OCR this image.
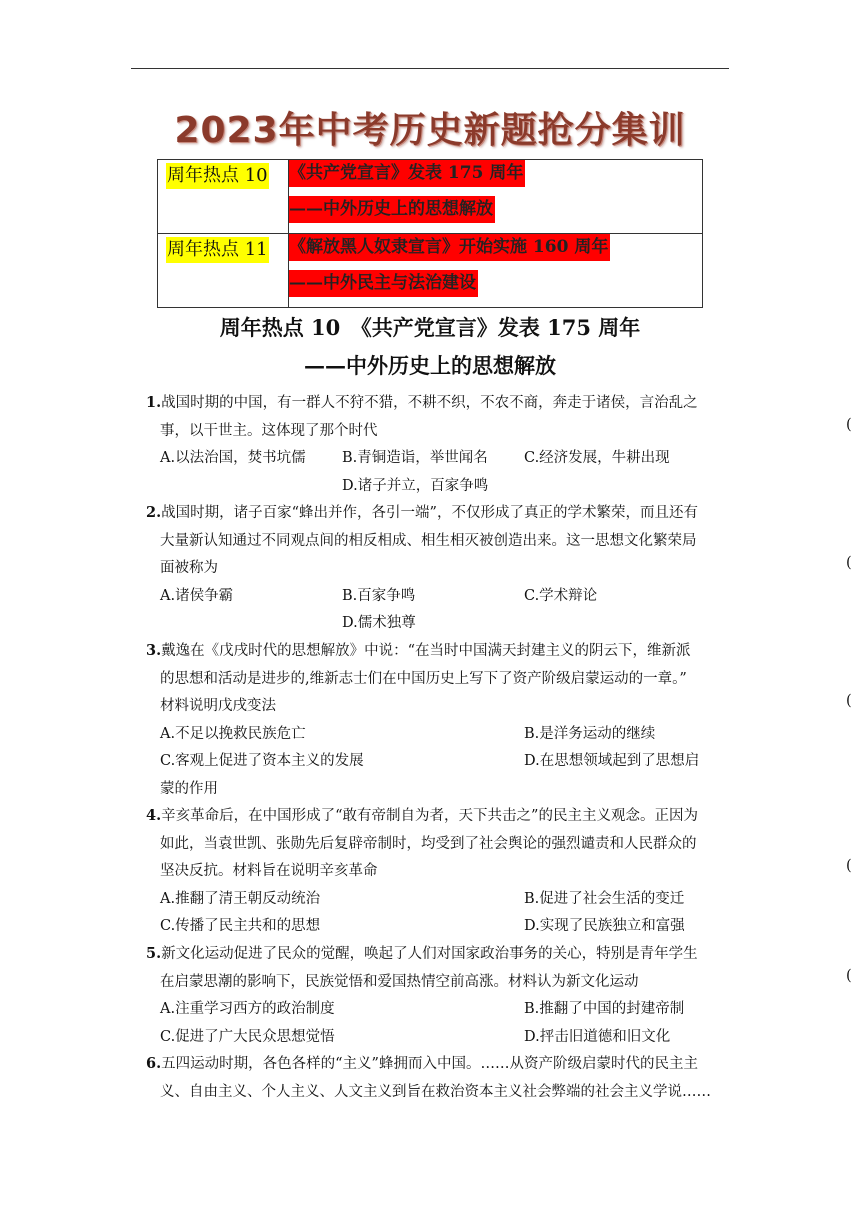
2023年中考历史新题抢分集训
周年热点 10	《共产党宣言》发表 175 周年
——中外历史上的思想解放

周年热点 11	《解放黑人奴隶宣言》开始实施 160 周年
——中外民主与法治建设
周年热点 10　《共产党宣言》发表 175 周年
——中外历史上的思想解放
1.战国时期的中国，有一群人不狩不猎，不耕不织，不农不商，奔走于诸侯，言治乱之
事，以干世主。这体现了那个时代
A.以法治国，焚书坑儒	B.青铜造诣，举世闻名 C.经济发展，牛耕出现
D.诸子并立，百家争鸣
(
2.战国时期，诸子百家“蜂出并作，各引一端”，不仅形成了真正的学术繁荣，而且还有
大量新认知通过不同观点间的相反相成、相生相灭被创造出来。这一思想文化繁荣局
面被称为
A.诸侯争霸	B.百家争鸣	C.学术辩论
D.儒术独尊
(
3.戴逸在《戊戌时代的思想解放》中说：“在当时中国满天封建主义的阴云下，维新派
的思想和活动是进步的,维新志士们在中国历史上写下了资产阶级启蒙运动的一章。”
材料说明戊戌变法
A.不足以挽救民族危亡	B.是洋务运动的继续
C.客观上促进了资本主义的发展	D.在思想领域起到了思想启
蒙的作用
(
4.辛亥革命后，在中国形成了“敢有帝制自为者，天下共击之”的民主主义观念。正因为
如此，当袁世凯、张勋先后复辟帝制时，均受到了社会舆论的强烈谴责和人民群众的
坚决反抗。材料旨在说明辛亥革命
A.推翻了清王朝反动统治	B.促进了社会生活的变迁
C.传播了民主共和的思想	D.实现了民族独立和富强
(
5.新文化运动促进了民众的觉醒，唤起了人们对国家政治事务的关心，特别是青年学生
在启蒙思潮的影响下，民族觉悟和爱国热情空前高涨。材料认为新文化运动
A.注重学习西方的政治制度	B.推翻了中国的封建帝制
C.促进了广大民众思想觉悟	D.抨击旧道德和旧文化
(
6.五四运动时期，各色各样的“主义”蜂拥而入中国。……从资产阶级启蒙时代的民主主
义、自由主义、个人主义、人文主义到旨在救治资本主义社会弊端的社会主义学说……
